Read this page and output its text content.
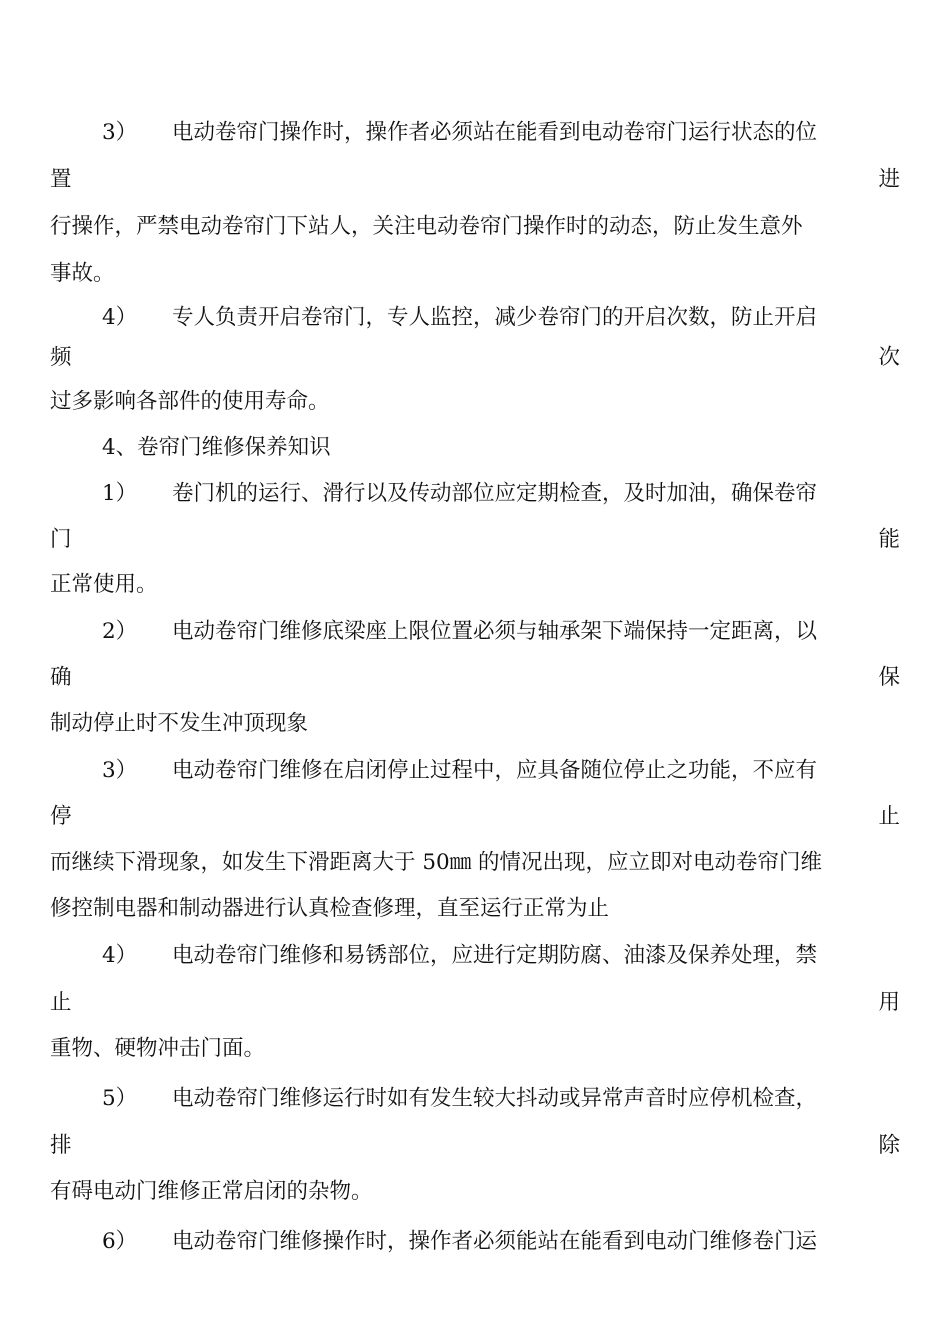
3） 电动卷帘门操作时，操作者必须站在能看到电动卷帘门运行状态的位
置	进
行操作，严禁电动卷帘门下站人，关注电动卷帘门操作时的动态，防止发生意外
事故。
4） 专人负责开启卷帘门，专人监控，减少卷帘门的开启次数，防止开启
频	次
过多影响各部件的使用寿命。
4、卷帘门维修保养知识
1） 卷门机的运行、滑行以及传动部位应定期检查，及时加油，确保卷帘
门	能
正常使用。
2） 电动卷帘门维修底梁座上限位置必须与轴承架下端保持一定距离，以
确	保
制动停止时不发生冲顶现象
3） 电动卷帘门维修在启闭停止过程中，应具备随位停止之功能，不应有
停	止
而继续下滑现象，如发生下滑距离大于 50㎜ 的情况出现，应立即对电动卷帘门维
修控制电器和制动器进行认真检查修理，直至运行正常为止
4） 电动卷帘门维修和易锈部位，应进行定期防腐、油漆及保养处理，禁
止	用
重物、硬物冲击门面。
5） 电动卷帘门维修运行时如有发生较大抖动或异常声音时应停机检查，
排	除
有碍电动门维修正常启闭的杂物。
6） 电动卷帘门维修操作时，操作者必须能站在能看到电动门维修卷门运
